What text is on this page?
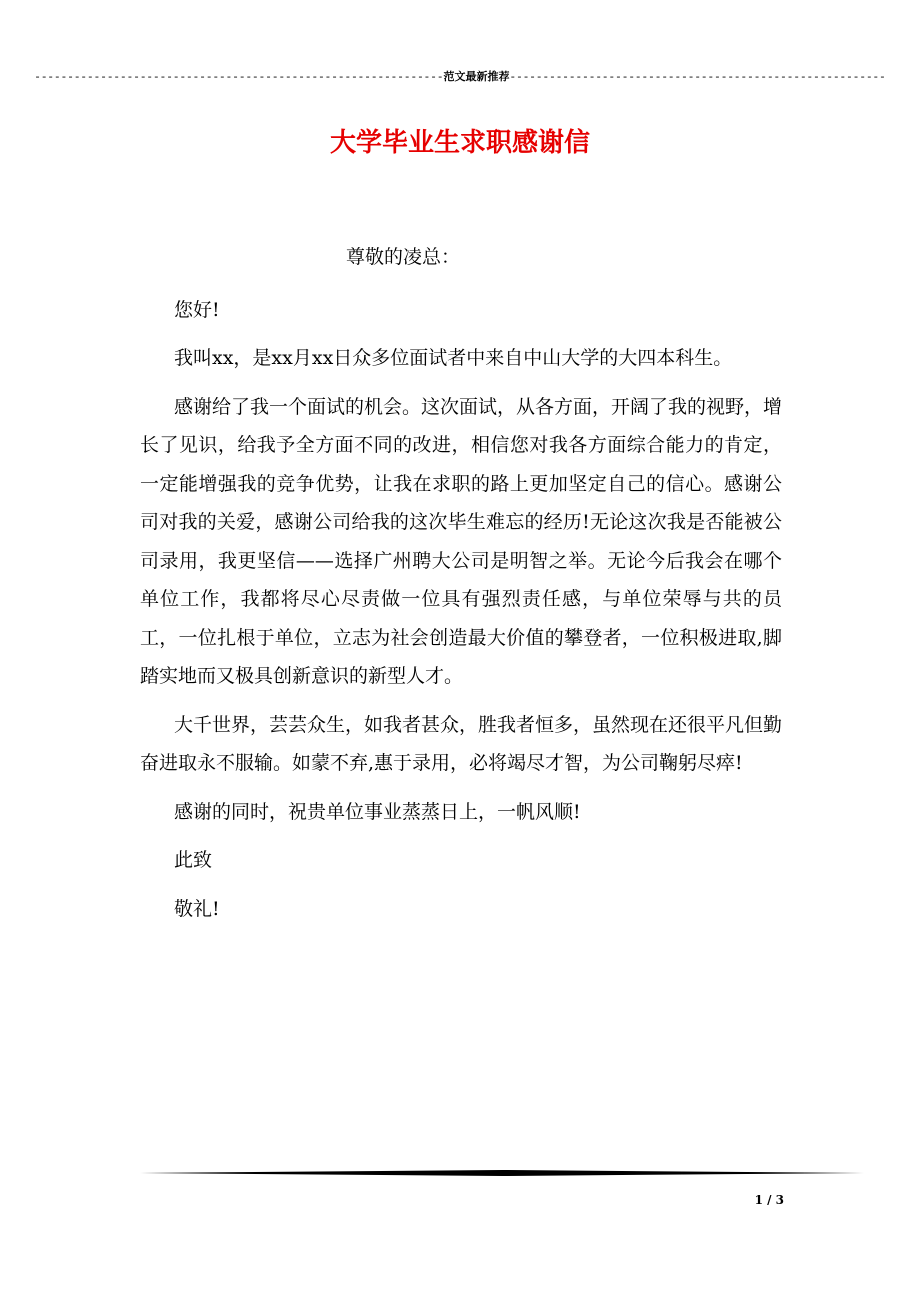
--------------------------------------------------------------范文最新推荐---------------------------------------------------------
大学毕业生求职感谢信

尊敬的凌总：

您好!

我叫xx，是xx月xx日众多位面试者中来自中山大学的大四本科生。

感谢给了我一个面试的机会。这次面试，从各方面，开阔了我的视野，增长了见识，给我予全方面不同的改进，相信您对我各方面综合能力的肯定，一定能增强我的竞争优势，让我在求职的路上更加坚定自己的信心。感谢公司对我的关爱，感谢公司给我的这次毕生难忘的经历!无论这次我是否能被公司录用，我更坚信——选择广州聘大公司是明智之举。无论今后我会在哪个单位工作，我都将尽心尽责做一位具有强烈责任感，与单位荣辱与共的员工，一位扎根于单位，立志为社会创造最大价值的攀登者，一位积极进取,脚踏实地而又极具创新意识的新型人才。

大千世界，芸芸众生，如我者甚众，胜我者恒多，虽然现在还很平凡但勤奋进取永不服输。如蒙不弃,惠于录用，必将竭尽才智，为公司鞠躬尽瘁!

感谢的同时，祝贵单位事业蒸蒸日上，一帆风顺!

此致

敬礼!

1 / 3
